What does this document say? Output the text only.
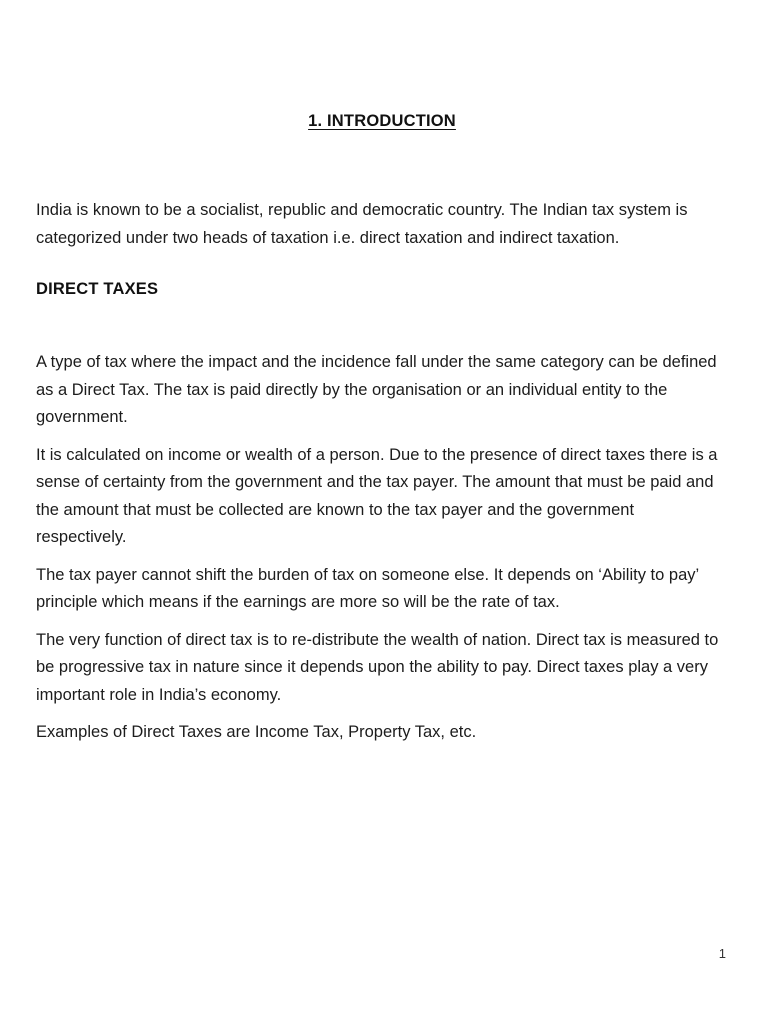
1. INTRODUCTION

India is known to be a socialist, republic and democratic country. The Indian tax system is categorized under two heads of taxation i.e. direct taxation and indirect taxation.

DIRECT TAXES

A type of tax where the impact and the incidence fall under the same category can be defined as a Direct Tax. The tax is paid directly by the organisation or an individual entity to the government.

It is calculated on income or wealth of a person. Due to the presence of direct taxes there is a sense of certainty from the government and the tax payer. The amount that must be paid and the amount that must be collected are known to the tax payer and the government respectively.

The tax payer cannot shift the burden of tax on someone else. It depends on ‘Ability to pay’ principle which means if the earnings are more so will be the rate of tax.

The very function of direct tax is to re-distribute the wealth of nation. Direct tax is measured to be progressive tax in nature since it depends upon the ability to pay. Direct taxes play a very important role in India’s economy.

Examples of Direct Taxes are Income Tax, Property Tax, etc.

1
